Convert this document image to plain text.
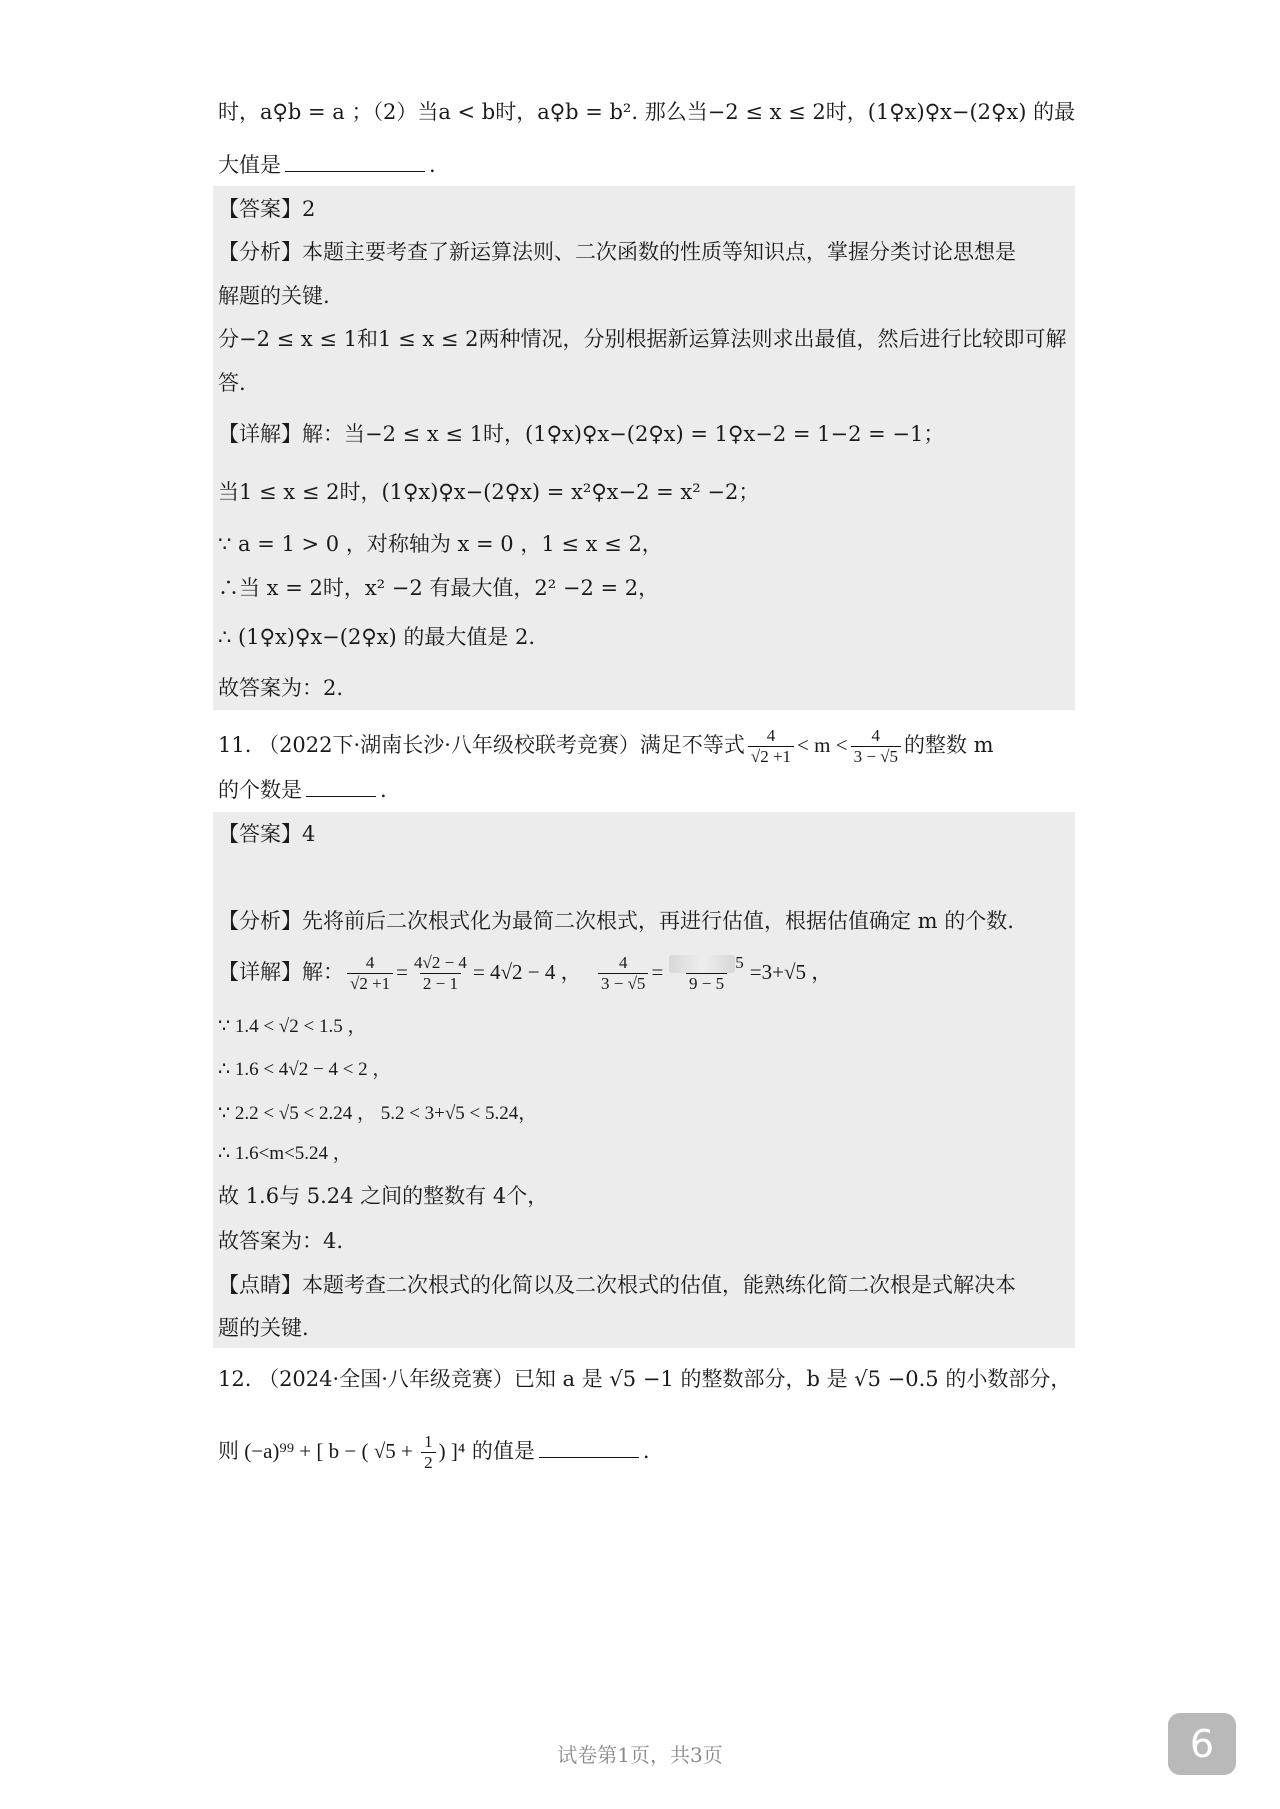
时，a♀b = a ；（2）当a < b时，a♀b = b². 那么当−2 ≤ x ≤ 2时，(1♀x)♀x−(2♀x) 的最
大值是	.
【答案】2
【分析】本题主要考查了新运算法则、二次函数的性质等知识点，掌握分类讨论思想是
解题的关键.
分−2 ≤ x ≤ 1和1 ≤ x ≤ 2两种情况，分别根据新运算法则求出最值，然后进行比较即可解
答.
【详解】解：当−2 ≤ x ≤ 1时，(1♀x)♀x−(2♀x) = 1♀x−2 = 1−2 = −1；
当1 ≤ x ≤ 2时，(1♀x)♀x−(2♀x) = x²♀x−2 = x² −2；
∵ a = 1 > 0 ，对称轴为 x = 0 ，1 ≤ x ≤ 2，
∴当 x = 2时，x² −2 有最大值，2² −2 = 2，
∴ (1♀x)♀x−(2♀x) 的最大值是 2.
故答案为：2.
11. （2022下·湖南长沙·八年级校联考竞赛）满足不等式 $\frac{4}{√2 +1} < m < \frac{4}{3 - √5}$ 的整数 m
的个数是	.
【答案】4
【分析】先将前后二次根式化为最简二次根式，再进行估值，根据估值确定 m 的个数.
【详解】解： $\frac{4}{√2 +1} = \frac{4√2 - 4}{2 - 1} = 4√2 - 4$ ， $\frac{4}{3 - √5} = \frac{5}{9 - 5} =3+√5$ ，
∵ 1.4 < √2 < 1.5 ，
∴ 1.6 < 4√2 − 4 < 2 ，
∵ 2.2 < √5 < 2.24 ， 5.2 < 3+√5 < 5.24，
∴ 1.6<m<5.24 ，
故 1.6与 5.24 之间的整数有 4个，
故答案为：4.
【点睛】本题考查二次根式的化简以及二次根式的估值，能熟练化简二次根是式解决本
题的关键.
12. （2024·全国·八年级竞赛）已知 a 是 √5 −1 的整数部分，b 是 √5 −0.5 的小数部分，
则 (−a)⁹⁹ + [ b − ( $√5 + \frac{1}{2}$ ) ]⁴ 的值是	.
试卷第1页，共3页	6
